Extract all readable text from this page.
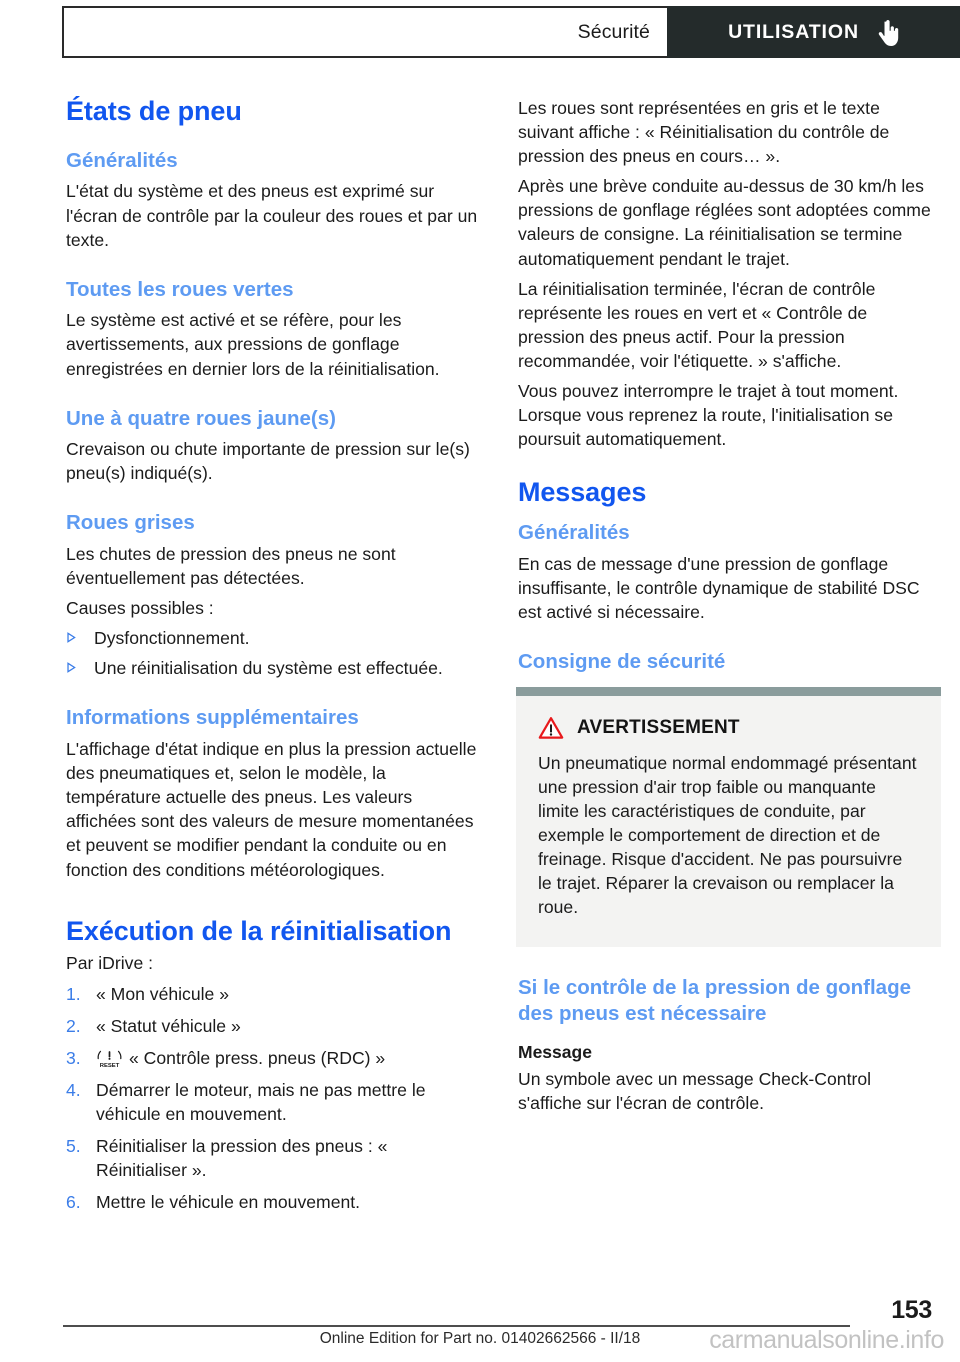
Sécurité	UTILISATION
États de pneu
Généralités

L'état du système et des pneus est exprimé sur l'écran de contrôle par la couleur des roues et par un texte.

Toutes les roues vertes

Le système est activé et se réfère, pour les avertissements, aux pressions de gonflage enregistrées en dernier lors de la réinitialisation.

Une à quatre roues jaune(s)

Crevaison ou chute importante de pression sur le(s) pneu(s) indiqué(s).

Roues grises

Les chutes de pression des pneus ne sont éventuellement pas détectées.

Causes possibles :

Dysfonctionnement.
Une réinitialisation du système est effectuée.
Informations supplémentaires

L'affichage d'état indique en plus la pression actuelle des pneumatiques et, selon le modèle, la température actuelle des pneus. Les valeurs affichées sont des valeurs de mesure momentanées et peuvent se modifier pendant la conduite ou en fonction des conditions météorologiques.

Exécution de la réinitialisation

Par iDrive :

1. « Mon véhicule »
2. « Statut véhicule »
3.	RESET « Contrôle press. pneus (RDC) »
4. Démarrer le moteur, mais ne pas mettre le véhicule en mouvement.
5. Réinitialiser la pression des pneus : « Réinitialiser ».
6. Mettre le véhicule en mouvement.

Les roues sont représentées en gris et le texte suivant affiche : « Réinitialisation du contrôle de pression des pneus en cours… ».

Après une brève conduite au-dessus de 30 km/h les pressions de gonflage réglées sont adoptées comme valeurs de consigne. La réinitialisation se termine automatiquement pendant le trajet.

La réinitialisation terminée, l'écran de contrôle représente les roues en vert et « Contrôle de pression des pneus actif. Pour la pression recommandée, voir l'étiquette. » s'affiche.

Vous pouvez interrompre le trajet à tout moment. Lorsque vous reprenez la route, l'initialisation se poursuit automatiquement.

Messages
Généralités

En cas de message d'une pression de gonflage insuffisante, le contrôle dynamique de stabilité DSC est activé si nécessaire.

Consigne de sécurité
AVERTISSEMENT

Un pneumatique normal endommagé présentant une pression d'air trop faible ou manquante limite les caractéristiques de conduite, par exemple le comportement de direction et de freinage. Risque d'accident. Ne pas poursuivre le trajet. Réparer la crevaison ou remplacer la roue.

Si le contrôle de la pression de gonflage des pneus est nécessaire
Message

Un symbole avec un message Check-Control s'affiche sur l'écran de contrôle.

153
Online Edition for Part no. 01402662566 - II/18	carmanualsonline.info
